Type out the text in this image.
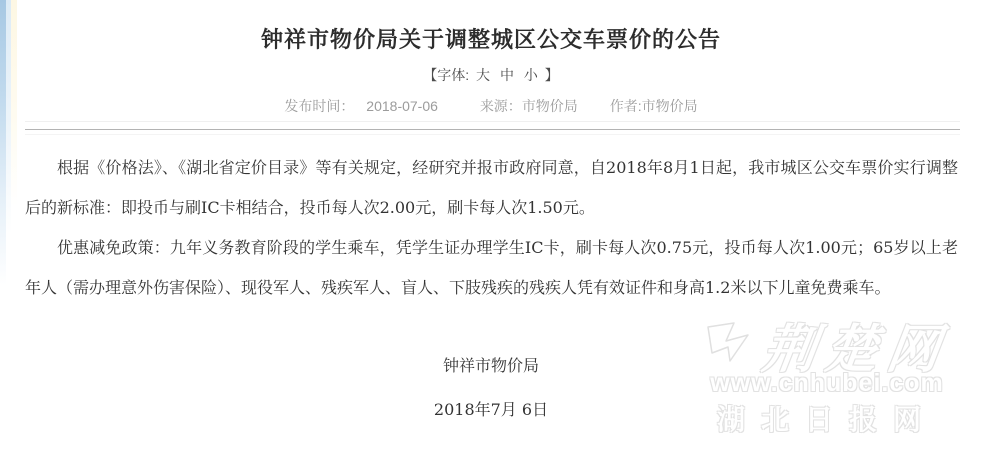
钟祥市物价局关于调整城区公交车票价的公告
【字体: 大 中 小 】
发布时间： 2018-07-06	来源：市物价局 作者:市物价局

根据《价格法》、《湖北省定价目录》等有关规定，经研究并报市政府同意，自2018年8月1日起，我市城区公交车票价实行调整后的新标准：即投币与刷IC卡相结合，投币每人次2.00元，刷卡每人次1.50元。

优惠减免政策：九年义务教育阶段的学生乘车，凭学生证办理学生IC卡，刷卡每人次0.75元，投币每人次1.00元；65岁以上老年人（需办理意外伤害保险）、现役军人、残疾军人、盲人、下肢残疾的残疾人凭有效证件和身高1.2米以下儿童免费乘车。

钟祥市物价局
2018年7月 6日
荆楚网
www.cnhubei.com
湖北日报网
